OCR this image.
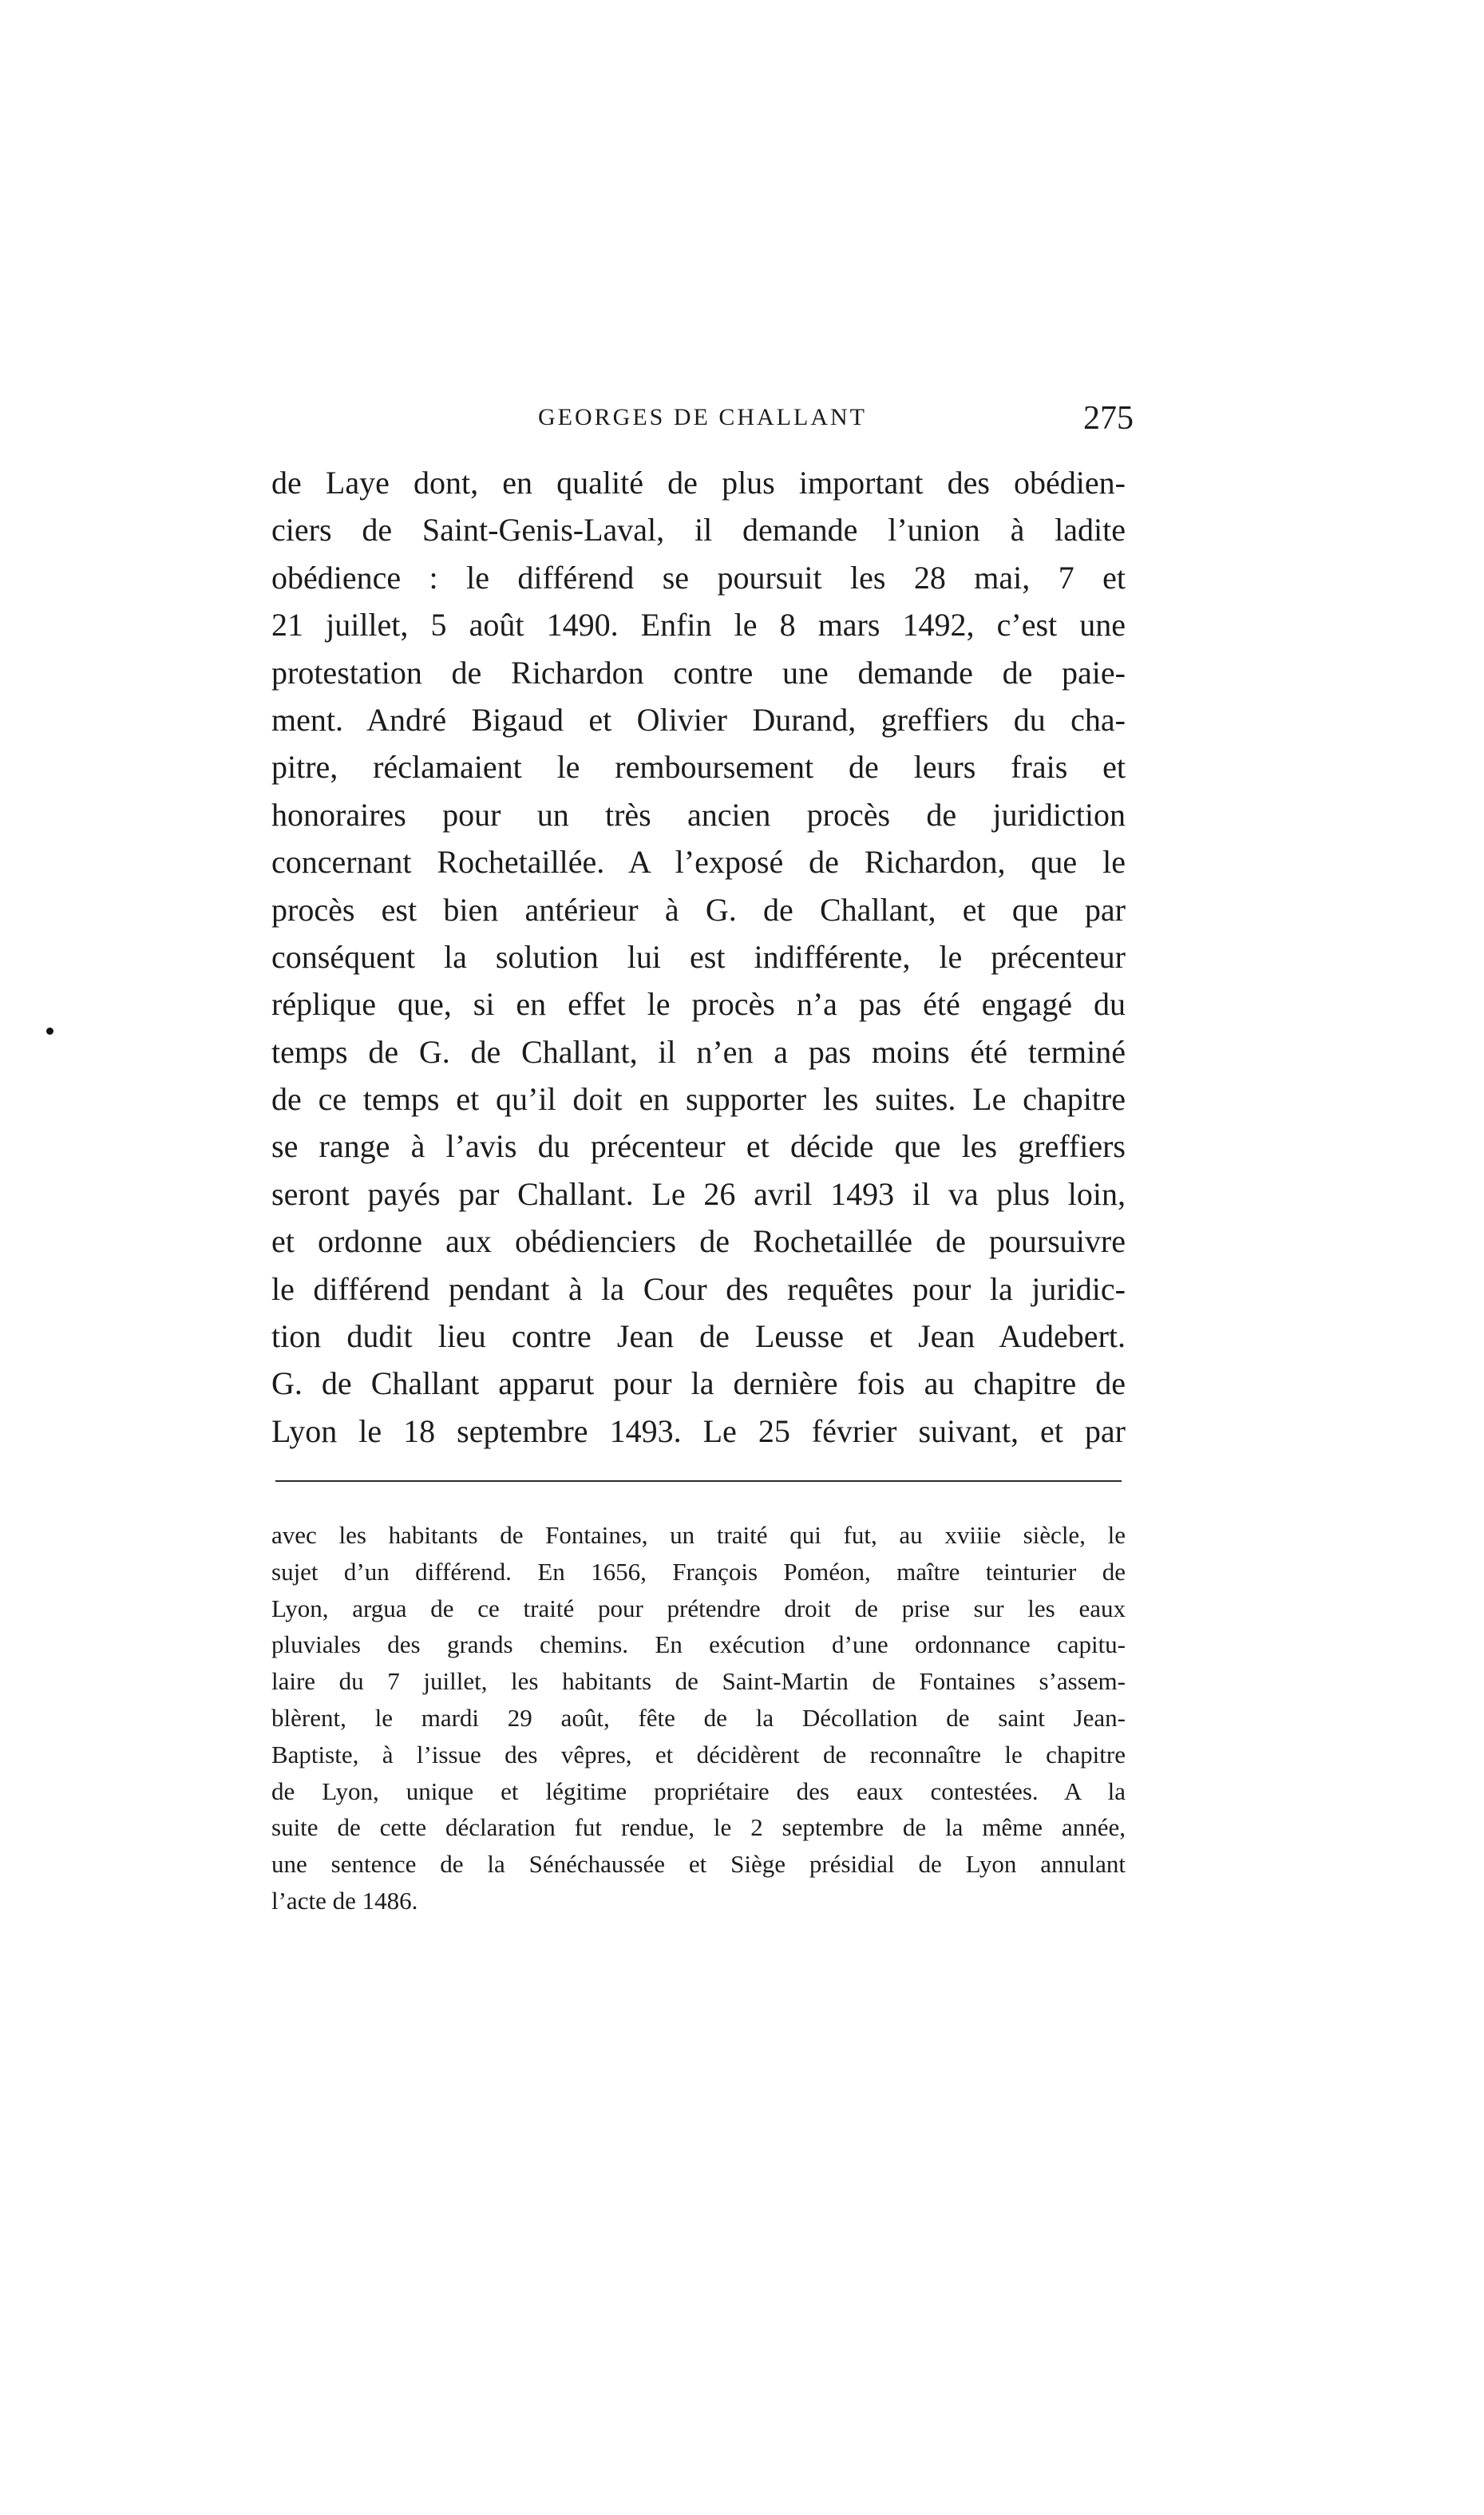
GEORGES DE CHALLANT	275
de Laye dont, en qualité de plus important des obédien-
ciers de Saint-Genis-Laval, il demande l’union à ladite
obédience : le différend se poursuit les 28 mai, 7 et
21 juillet, 5 août 1490. Enfin le 8 mars 1492, c’est une
protestation de Richardon contre une demande de paie-
ment. André Bigaud et Olivier Durand, greffiers du cha-
pitre, réclamaient le remboursement de leurs frais et
honoraires pour un très ancien procès de juridiction
concernant Rochetaillée. A l’exposé de Richardon, que le
procès est bien antérieur à G. de Challant, et que par
conséquent la solution lui est indifférente, le précenteur
réplique que, si en effet le procès n’a pas été engagé du
temps de G. de Challant, il n’en a pas moins été terminé
de ce temps et qu’il doit en supporter les suites. Le chapitre
se range à l’avis du précenteur et décide que les greffiers
seront payés par Challant. Le 26 avril 1493 il va plus loin,
et ordonne aux obédienciers de Rochetaillée de poursuivre
le différend pendant à la Cour des requêtes pour la juridic-
tion dudit lieu contre Jean de Leusse et Jean Audebert.
G. de Challant apparut pour la dernière fois au chapitre de
Lyon le 18 septembre 1493. Le 25 février suivant, et par
avec les habitants de Fontaines, un traité qui fut, au xviiie siècle, le
sujet d’un différend. En 1656, François Poméon, maître teinturier de
Lyon, argua de ce traité pour prétendre droit de prise sur les eaux
pluviales des grands chemins. En exécution d’une ordonnance capitu-
laire du 7 juillet, les habitants de Saint-Martin de Fontaines s’assem-
blèrent, le mardi 29 août, fête de la Décollation de saint Jean-
Baptiste, à l’issue des vêpres, et décidèrent de reconnaître le chapitre
de Lyon, unique et légitime propriétaire des eaux contestées. A la
suite de cette déclaration fut rendue, le 2 septembre de la même année,
une sentence de la Sénéchaussée et Siège présidial de Lyon annulant
l’acte de 1486.
